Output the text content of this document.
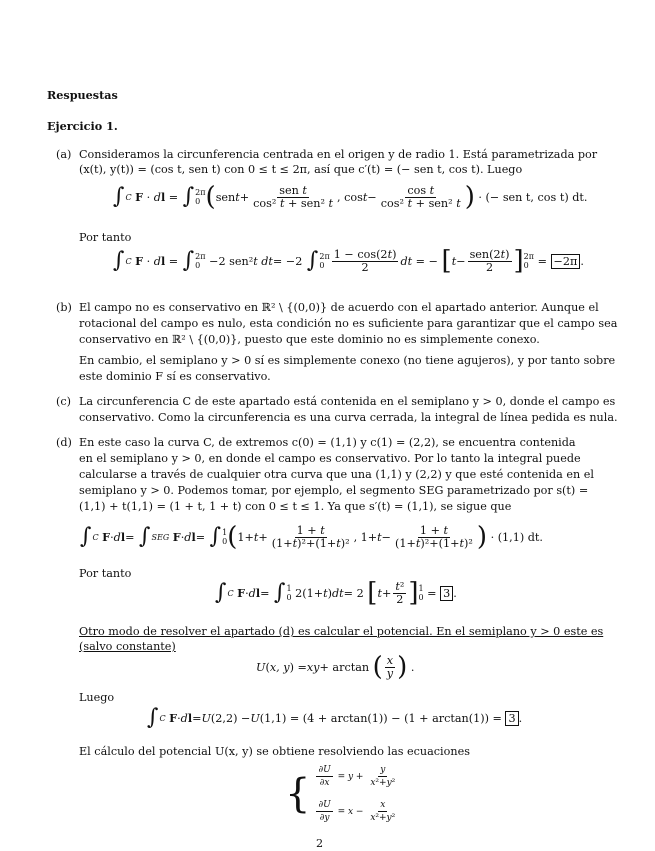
Respuestas
Ejercicio 1.
(a) Consideramos la circunferencia centrada en el origen y de radio 1. Está parametrizada por
(x(t), y(t)) = (cos t, sen t) con 0 ≤ t ≤ 2π, así que c′(t) = (− sen t, cos t). Luego
∫ C
F · d l = ∫ 2π
0 ( sen $t + \frac{\text{sen t}}{\text{cos² t + sen² t}}$ , $\cos t - \frac{\text{cos t}}{\text{cos² t + sen² t}}$ )
· (− sen t, cos t) dt.
Por tanto
∫ C
F · d l = ∫ 2π
0 −2 sen² t dt = −2 ∫ 2π
$0 \frac{1 - \cos(2t)}{2}$ dt = − [ $t - \frac{\text{sen(2t)}}{2}$ ] 2π
0 = −2π .
(b) El campo no es conservativo en ℝ² \ {(0,0)} de acuerdo con el apartado anterior. Aunque el
rotacional del campo es nulo, esta condición no es suficiente para garantizar que el campo sea
conservativo en ℝ² \ {(0,0)}, puesto que este dominio no es simplemente conexo.
En cambio, el semiplano y > 0 sí es simplemente conexo (no tiene agujeros), y por tanto sobre
este dominio F sí es conservativo.
(c) La circunferencia C de este apartado está contenida en el semiplano y > 0, donde el campo es
conservativo. Como la circunferencia es una curva cerrada, la integral de línea pedida es nula.
(d) En este caso la curva C, de extremos c(0) = (1,1) y c(1) = (2,2), se encuentra contenida
en el semiplano y > 0, en donde el campo es conservativo. Por lo tanto la integral puede
calcularse a través de cualquier otra curva que una (1,1) y (2,2) y que esté contenida en el
semiplano y > 0. Podemos tomar, por ejemplo, el segmento SEG parametrizado por s(t) =
(1,1) + t(1,1) = (1 + t, 1 + t) con 0 ≤ t ≤ 1. Ya que s′(t) = (1,1), se sigue que
∫ C
F · d l = ∫ SEG
F · d l = ∫ 1
0 ( $1+ t + \frac{1 + t}{\text{(1+t)²+(1+t)²}}$ , $1+ t - \frac{1 + t}{\text{(1+t)²+(1+t)²}}$ )
· (1,1) dt.
Por tanto
∫ C
F · d l = ∫ 1
0 2(1+ t ) dt = 2 [ $t + \frac{\text{t²}}{2}$ ] 1
0 = 3 .
Otro modo de resolver el apartado (d) es calcular el potencial. En el semiplano y > 0 este es
(salvo constante)
U ( x, y ) = xy + arctan ( $\frac{x}{y}$ ) .
Luego
∫ C
F · d l = U (2,2) − U (1,1) = (4 + arctan(1)) − (1 + arctan(1)) = 3 .
El cálculo del potencial U(x, y) se obtiene resolviendo las ecuaciones
{ $\frac{\partial U}{\partial x} = y + \frac{y}{\text{x²+y²}}$
$\frac{\partial U}{\partial y} = x - \frac{x}{\text{x²+y²}}$
2
